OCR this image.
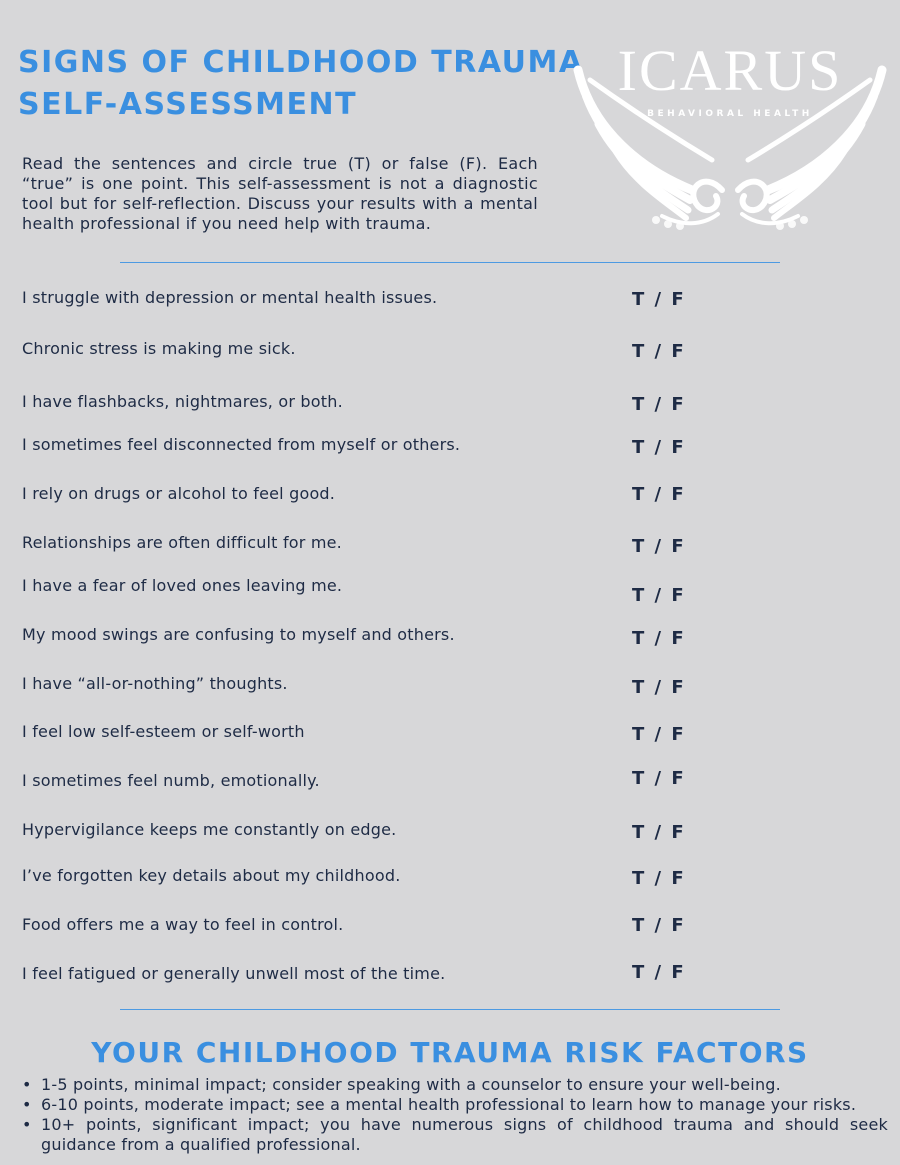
SIGNS OF CHILDHOOD TRAUMA
SELF-ASSESSMENT

Read the sentences and circle true (T) or false (F). Each “true” is one point. This self-assessment is not a diagnostic tool but for self-reflection. Discuss your results with a mental health professional if you need help with trauma.

ICARUS
BEHAVIORAL HEALTH
I struggle with depression or mental health issues.	T / F
Chronic stress is making me sick.	T / F
I have flashbacks, nightmares, or both.	T / F
I sometimes feel disconnected from myself or others.	T / F
I rely on drugs or alcohol to feel good.	T / F
Relationships are often difficult for me.	T / F
I have a fear of loved ones leaving me.	T / F
My mood swings are confusing to myself and others.	T / F
I have “all-or-nothing” thoughts.	T / F
I feel low self-esteem or self-worth	T / F
I sometimes feel numb, emotionally.	T / F
Hypervigilance keeps me constantly on edge.	T / F
I’ve forgotten key details about my childhood.	T / F
Food offers me a way to feel in control.	T / F
I feel fatigued or generally unwell most of the time.	T / F
YOUR CHILDHOOD TRAUMA RISK FACTORS
• 1-5 points, minimal impact; consider speaking with a counselor to ensure your well-being.
• 6-10 points, moderate impact; see a mental health professional to learn how to manage your risks.
• 10+ points, significant impact; you have numerous signs of childhood trauma and should seek guidance from a qualified professional.
